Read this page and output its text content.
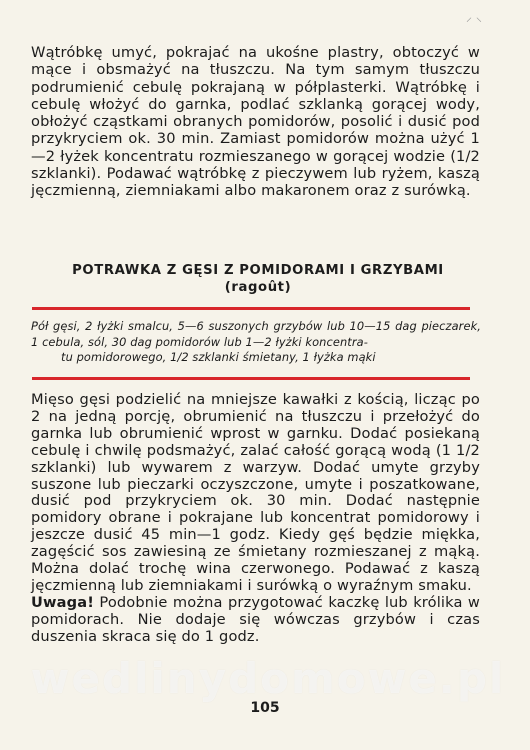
⸝ ⸜

Wątróbkę umyć, pokrajać na ukośne plastry, obtoczyć w mące i obsmażyć na tłuszczu. Na tym samym tłuszczu podrumienić cebulę pokrajaną w półplasterki. Wątróbkę i cebulę włożyć do garnka, podlać szklanką gorącej wody, obłożyć cząstkami obranych pomidorów, posolić i dusić pod przykryciem ok. 30 min. Zamiast pomidorów można użyć 1—2 łyżek koncentratu rozmieszanego w gorącej wodzie (1/2 szklanki). Podawać wątróbkę z pieczywem lub ryżem, kaszą jęczmienną, ziemniakami albo makaronem oraz z surówką.

POTRAWKA Z GĘSI Z POMIDORAMI I GRZYBAMI
(ragoût)
Pół gęsi, 2 łyżki smalcu, 5—6 suszonych grzybów lub 10—15 dag pieczarek, 1 cebula, sól, 30 dag pomidorów lub 1—2 łyżki koncentra-
tu pomidorowego, 1/2 szklanki śmietany, 1 łyżka mąki

Mięso gęsi podzielić na mniejsze kawałki z kością, licząc po 2 na jedną porcję, obrumienić na tłuszczu i przełożyć do garnka lub obrumienić wprost w garnku. Dodać posiekaną cebulę i chwilę podsmażyć, zalać całość gorącą wodą (1 1/2 szklanki) lub wywarem z warzyw. Dodać umyte grzyby suszone lub pieczarki oczyszczone, umyte i poszatkowane, dusić pod przykryciem ok. 30 min. Dodać następnie pomidory obrane i pokrajane lub koncentrat pomidorowy i jeszcze dusić 45 min—1 godz. Kiedy gęś będzie miękka, zagęścić sos zawiesiną ze śmietany rozmieszanej z mąką. Można dolać trochę wina czerwonego. Podawać z kaszą jęczmienną lub ziemniakami i surówką o wyraźnym smaku.

Uwaga! Podobnie można przygotować kaczkę lub królika w pomidorach. Nie dodaje się wówczas grzybów i czas duszenia skraca się do 1 godz.

wedlinydomowe.pl
105
